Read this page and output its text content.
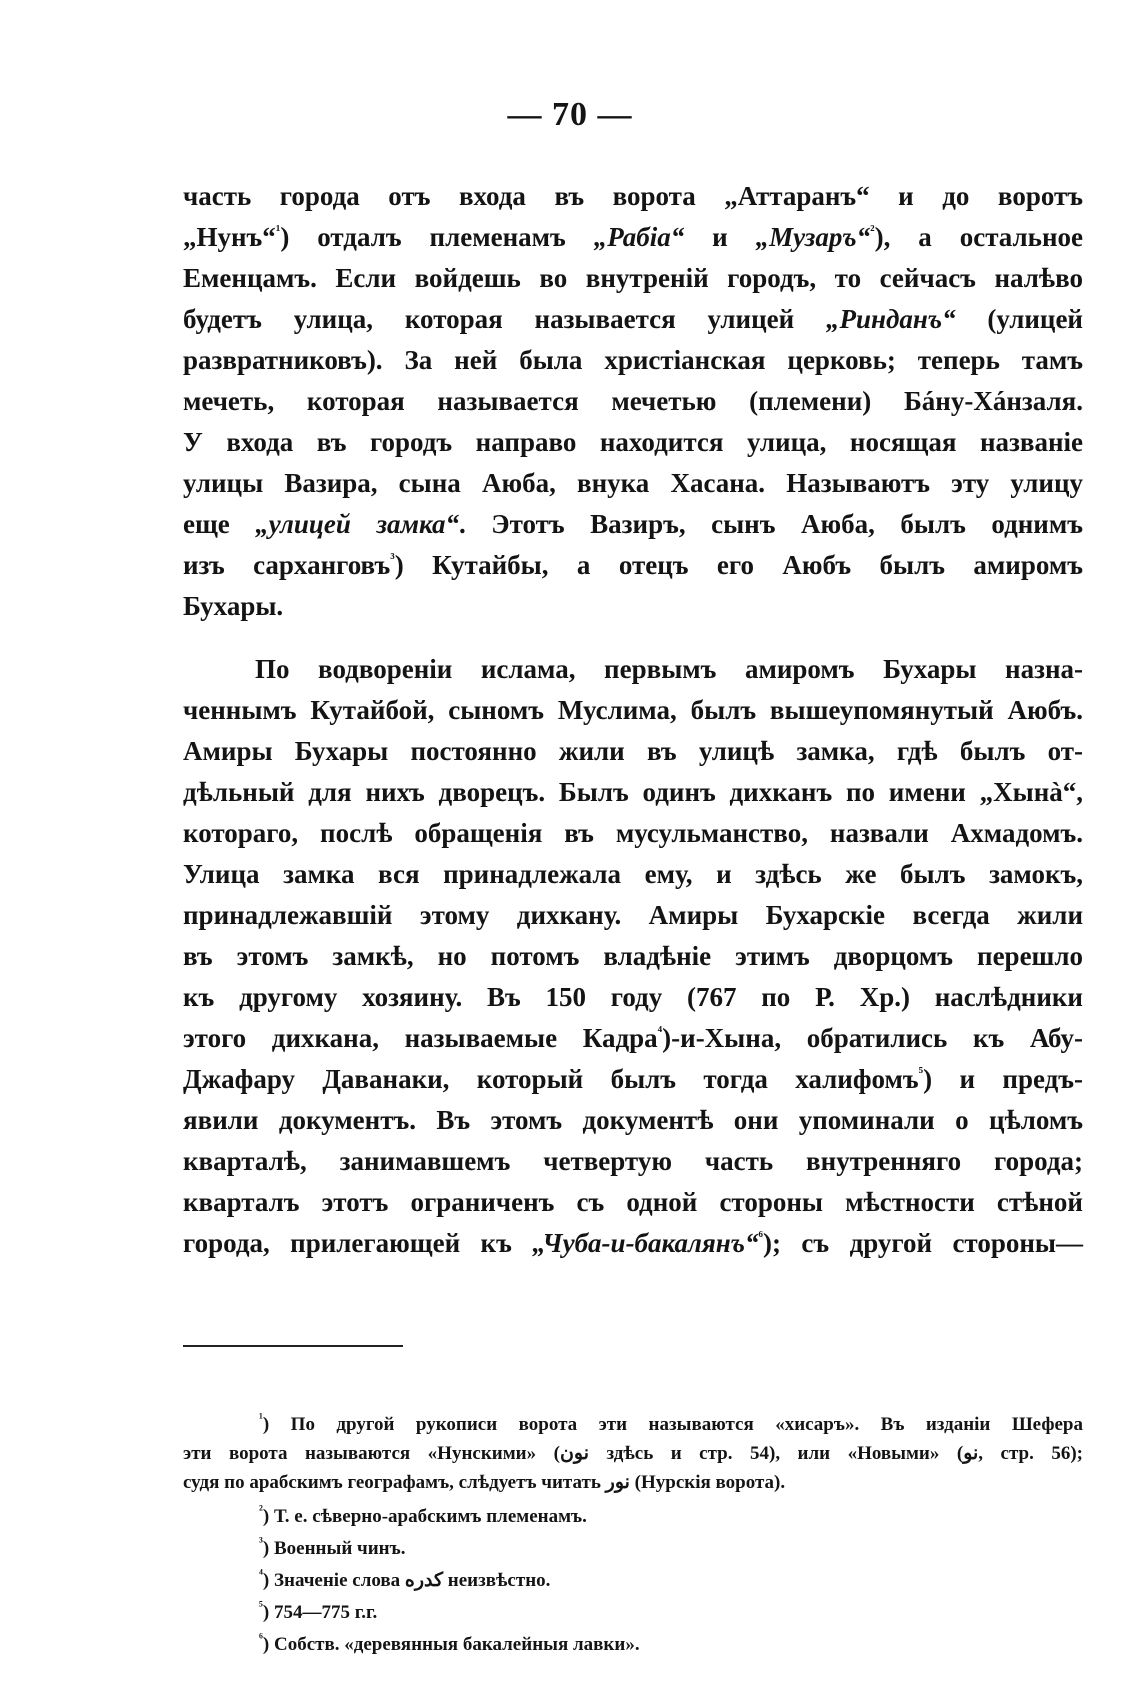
— 70 —
часть города отъ входа въ ворота „Аттаранъ“ и до воротъ
„Нунъ“$^{^1}$) отдалъ племенамъ „Рабіа“ и „Музаръ“$^{^2}$), а остальное
Еменцамъ. Если войдешь во внутреній городъ, то сейчасъ налѣво
будетъ улица, которая называется улицей „Ринданъ“ (улицей
развратниковъ). За ней была христіанская церковь; теперь тамъ
мечеть, которая называется мечетью (племени) Бáну-Хáнзаля.
У входа въ городъ направо находится улица, носящая названіе
улицы Вазира, сына Аюба, внука Хасана. Называютъ эту улицу
еще „улицей замка“. Этотъ Вазиръ, сынъ Аюба, былъ однимъ
изъ сарханговъ$^{^3}$) Кутайбы, а отецъ его Аюбъ былъ амиромъ
Бухары.
По водвореніи ислама, первымъ амиромъ Бухары назна-
ченнымъ Кутайбой, сыномъ Муслима, былъ вышеупомянутый Аюбъ.
Амиры Бухары постоянно жили въ улицѣ замка, гдѣ былъ от-
дѣльный для нихъ дворецъ. Былъ одинъ дихканъ по имени „Хынà“,
котораго, послѣ обращенія въ мусульманство, назвали Ахмадомъ.
Улица замка вся принадлежала ему, и здѣсь же былъ замокъ,
принадлежавшій этому дихкану. Амиры Бухарскіе всегда жили
въ этомъ замкѣ, но потомъ владѣніе этимъ дворцомъ перешло
къ другому хозяину. Въ 150 году (767 по Р. Хр.) наслѣдники
этого дихкана, называемые Кадра$^{^4}$)-и-Хына, обратились къ Абу-
Джафару Даванаки, который былъ тогда халифомъ$^{^5}$) и предъ-
явили документъ. Въ этомъ документѣ они упоминали о цѣломъ
кварталѣ, занимавшемъ четвертую часть внутренняго города;
кварталъ этотъ ограниченъ съ одной стороны мѣстности стѣной
города, прилегающей къ „Чуба-и-бакалянъ“$^{^6}$); съ другой стороны—
$^{^1}$) По другой рукописи ворота эти называются «хисаръ». Въ изданіи Шефера
эти ворота называются «Нунскими» (نون здѣсь и стр. 54), или «Новыми» (نو, стр. 56);
судя по арабскимъ географамъ, слѣдуетъ читать نور (Нурскія ворота).
$^{^2}$) Т. е. сѣверно-арабскимъ племенамъ.
$^{^3}$) Военный чинъ.
$^{^4}$) Значеніе слова كدره неизвѣстно.
$^{^5}$) 754—775 г.г.
$^{^6}$) Собств. «деревянныя бакалейныя лавки».
